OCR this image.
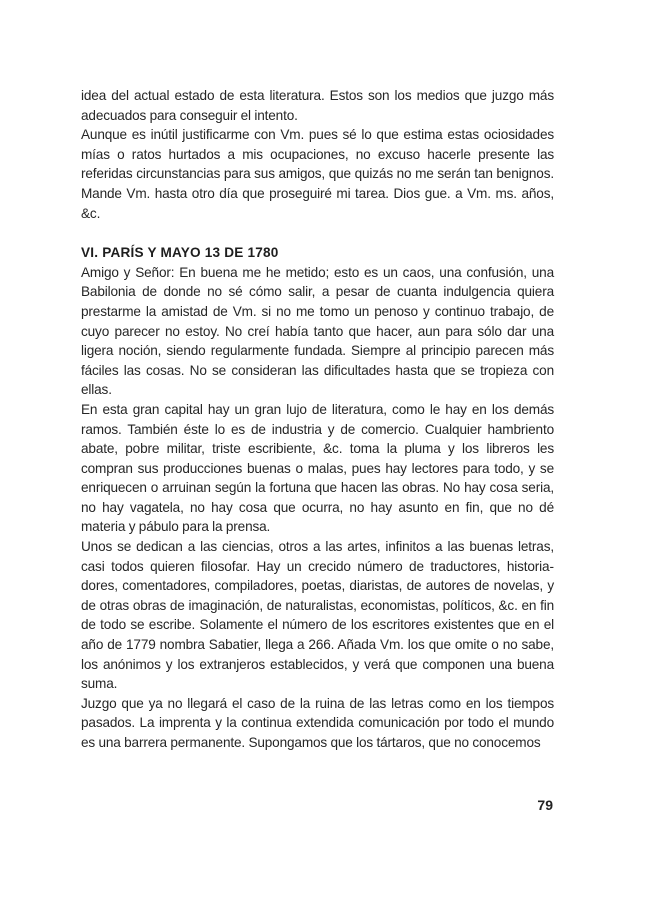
idea del actual estado de esta literatura. Estos son los medios que juzgo más adecuados para conseguir el intento.

Aunque es inútil justificarme con Vm. pues sé lo que estima estas ociosidades mías o ratos hurtados a mis ocupaciones, no excuso hacerle presente las referidas circunstancias para sus amigos, que quizás no me serán tan benignos. Mande Vm. hasta otro día que proseguiré mi tarea. Dios gue. a Vm. ms. años, &c.

VI. PARÍS Y MAYO 13 DE 1780

Amigo y Señor: En buena me he metido; esto es un caos, una confusión, una Babilonia de donde no sé cómo salir, a pesar de cuanta indulgencia quiera prestarme la amistad de Vm. si no me tomo un penoso y continuo trabajo, de cuyo parecer no estoy. No creí había tanto que hacer, aun para sólo dar una ligera noción, siendo regularmente fundada. Siempre al principio parecen más fáciles las cosas. No se consideran las dificultades hasta que se tropieza con ellas.

En esta gran capital hay un gran lujo de literatura, como le hay en los demás ramos. También éste lo es de industria y de comercio. Cualquier hambriento abate, pobre militar, triste escribiente, &c. toma la pluma y los libreros les compran sus producciones buenas o malas, pues hay lectores para todo, y se enriquecen o arruinan según la fortuna que hacen las obras. No hay cosa seria, no hay vagatela, no hay cosa que ocurra, no hay asunto en fin, que no dé materia y pábulo para la prensa.

Unos se dedican a las ciencias, otros a las artes, infinitos a las buenas letras, casi todos quieren filosofar. Hay un crecido número de traductores, historiadores, comentadores, compiladores, poetas, diaristas, de autores de novelas, y de otras obras de imaginación, de naturalistas, economistas, políticos, &c. en fin de todo se escribe. Solamente el número de los escritores existentes que en el año de 1779 nombra Sabatier, llega a 266. Añada Vm. los que omite o no sabe, los anónimos y los extranjeros establecidos, y verá que componen una buena suma.

Juzgo que ya no llegará el caso de la ruina de las letras como en los tiempos pasados. La imprenta y la continua extendida comunicación por todo el mundo es una barrera permanente. Supongamos que los tártaros, que no conocemos

79
